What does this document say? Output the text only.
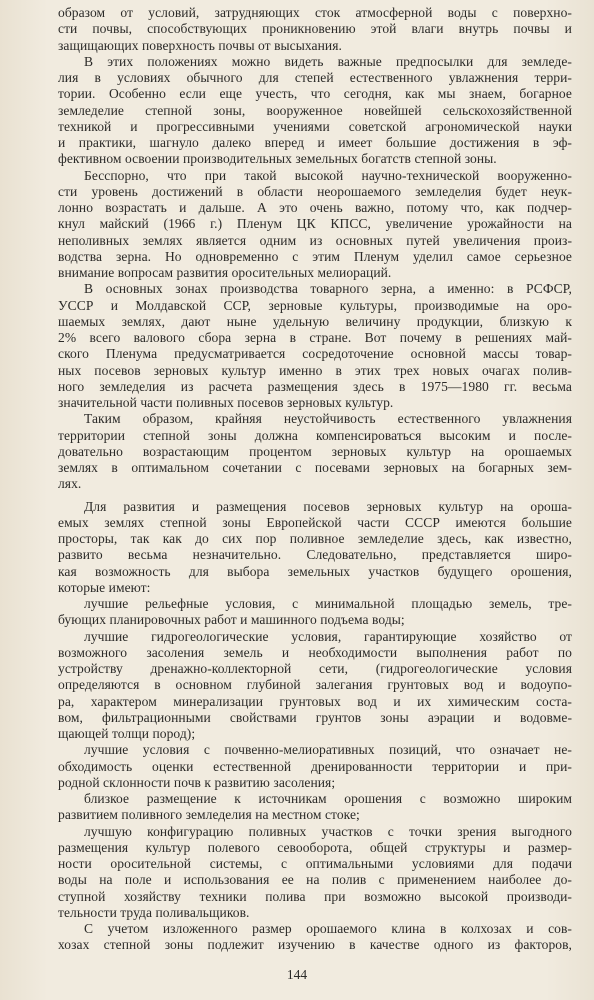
образом от условий, затрудняющих сток атмосферной воды с поверхно-
сти почвы, способствующих проникновению этой влаги внутрь почвы и
защищающих поверхность почвы от высыхания.
В этих положениях можно видеть важные предпосылки для земледе-
лия в условиях обычного для степей естественного увлажнения терри-
тории. Особенно если еще учесть, что сегодня, как мы знаем, богарное
земледелие степной зоны, вооруженное новейшей сельскохозяйственной
техникой и прогрессивными учениями советской агрономической науки
и практики, шагнуло далеко вперед и имеет большие достижения в эф-
фективном освоении производительных земельных богатств степной зоны.
Бесспорно, что при такой высокой научно-технической вооруженно-
сти уровень достижений в области неорошаемого земледелия будет неук-
лонно возрастать и дальше. А это очень важно, потому что, как подчер-
кнул майский (1966 г.) Пленум ЦК КПСС, увеличение урожайности на
неполивных землях является одним из основных путей увеличения произ-
водства зерна. Но одновременно с этим Пленум уделил самое серьезное
внимание вопросам развития оросительных мелиораций.
В основных зонах производства товарного зерна, а именно: в РСФСР,
УССР и Молдавской ССР, зерновые культуры, производимые на оро-
шаемых землях, дают ныне удельную величину продукции, близкую к
2% всего валового сбора зерна в стране. Вот почему в решениях май-
ского Пленума предусматривается сосредоточение основной массы товар-
ных посевов зерновых культур именно в этих трех новых очагах полив-
ного земледелия из расчета размещения здесь в 1975—1980 гг. весьма
значительной части поливных посевов зерновых культур.
Таким образом, крайняя неустойчивость естественного увлажнения
территории степной зоны должна компенсироваться высоким и после-
довательно возрастающим процентом зерновых культур на орошаемых
землях в оптимальном сочетании с посевами зерновых на богарных зем-
лях.
Для развития и размещения посевов зерновых культур на ороша-
емых землях степной зоны Европейской части СССР имеются большие
просторы, так как до сих пор поливное земледелие здесь, как известно,
развито весьма незначительно. Следовательно, представляется широ-
кая возможность для выбора земельных участков будущего орошения,
которые имеют:
лучшие рельефные условия, с минимальной площадью земель, тре-
бующих планировочных работ и машинного подъема воды;
лучшие гидрогеологические условия, гарантирующие хозяйство от
возможного засоления земель и необходимости выполнения работ по
устройству дренажно-коллекторной сети, (гидрогеологические условия
определяются в основном глубиной залегания грунтовых вод и водоупо-
ра, характером минерализации грунтовых вод и их химическим соста-
вом, фильтрационными свойствами грунтов зоны аэрации и водовме-
щающей толщи пород);
лучшие условия с почвенно-мелиоративных позиций, что означает не-
обходимость оценки естественной дренированности территории и при-
родной склонности почв к развитию засоления;
близкое размещение к источникам орошения с возможно широким
развитием поливного земледелия на местном стоке;
лучшую конфигурацию поливных участков с точки зрения выгодного
размещения культур полевого севооборота, общей структуры и размер-
ности оросительной системы, с оптимальными условиями для подачи
воды на поле и использования ее на полив с применением наиболее до-
ступной хозяйству техники полива при возможно высокой производи-
тельности труда поливальщиков.
С учетом изложенного размер орошаемого клина в колхозах и сов-
хозах степной зоны подлежит изучению в качестве одного из факторов,
144
